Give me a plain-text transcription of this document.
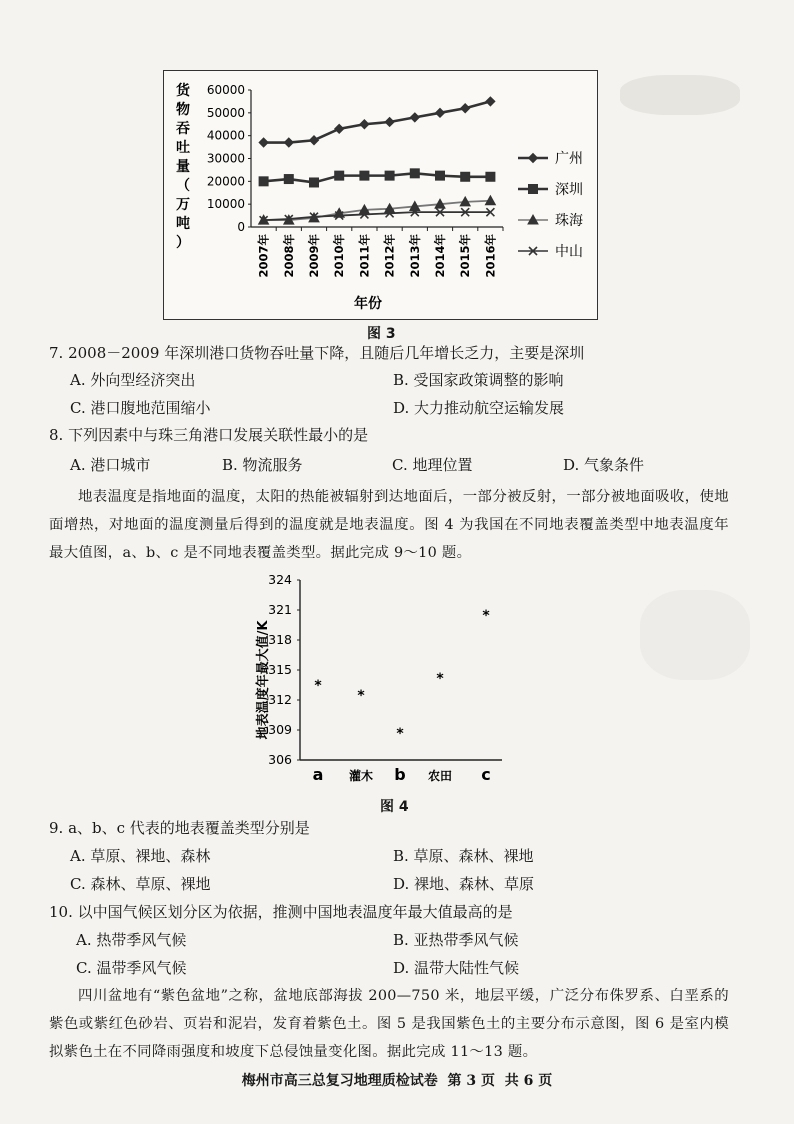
货
物
吞
吐
量
（
万
吨
）
60000
50000
40000
30000
20000
10000
0
2007年 2008年 2009年 2010年 2011年 2012年 2013年 2014年 2015年 2016年
广州
深圳
珠海
中山
年份
图 3
7. 2008－2009 年深圳港口货物吞吐量下降，且随后几年增长乏力，主要是深圳
A. 外向型经济突出	B. 受国家政策调整的影响
C. 港口腹地范围缩小	D. 大力推动航空运输发展
8. 下列因素中与珠三角港口发展关联性最小的是
A. 港口城市	B. 物流服务	C. 地理位置	D. 气象条件
地表温度是指地面的温度，太阳的热能被辐射到达地面后，一部分被反射，一部分被地面吸收，使地面增热，对地面的温度测量后得到的温度就是地表温度。图 4 为我国在不同地表覆盖类型中地表温度年最大值图，a、b、c 是不同地表覆盖类型。据此完成 9～10 题。
地表温度年最大值/K
324
321
318
315
312
309
306
*
*
*
*
*
a 灌木 b 农田 c
图 4
9. a、b、c 代表的地表覆盖类型分别是
A. 草原、裸地、森林	B. 草原、森林、裸地
C. 森林、草原、裸地	D. 裸地、森林、草原
10. 以中国气候区划分区为依据，推测中国地表温度年最大值最高的是
A. 热带季风气候	B. 亚热带季风气候
C. 温带季风气候	D. 温带大陆性气候
四川盆地有“紫色盆地”之称，盆地底部海拔 200—750 米，地层平缓，广泛分布侏罗系、白垩系的紫色或紫红色砂岩、页岩和泥岩，发育着紫色土。图 5 是我国紫色土的主要分布示意图，图 6 是室内模拟紫色土在不同降雨强度和坡度下总侵蚀量变化图。据此完成 11～13 题。
梅州市高三总复习地理质检试卷  第 3 页  共 6 页
